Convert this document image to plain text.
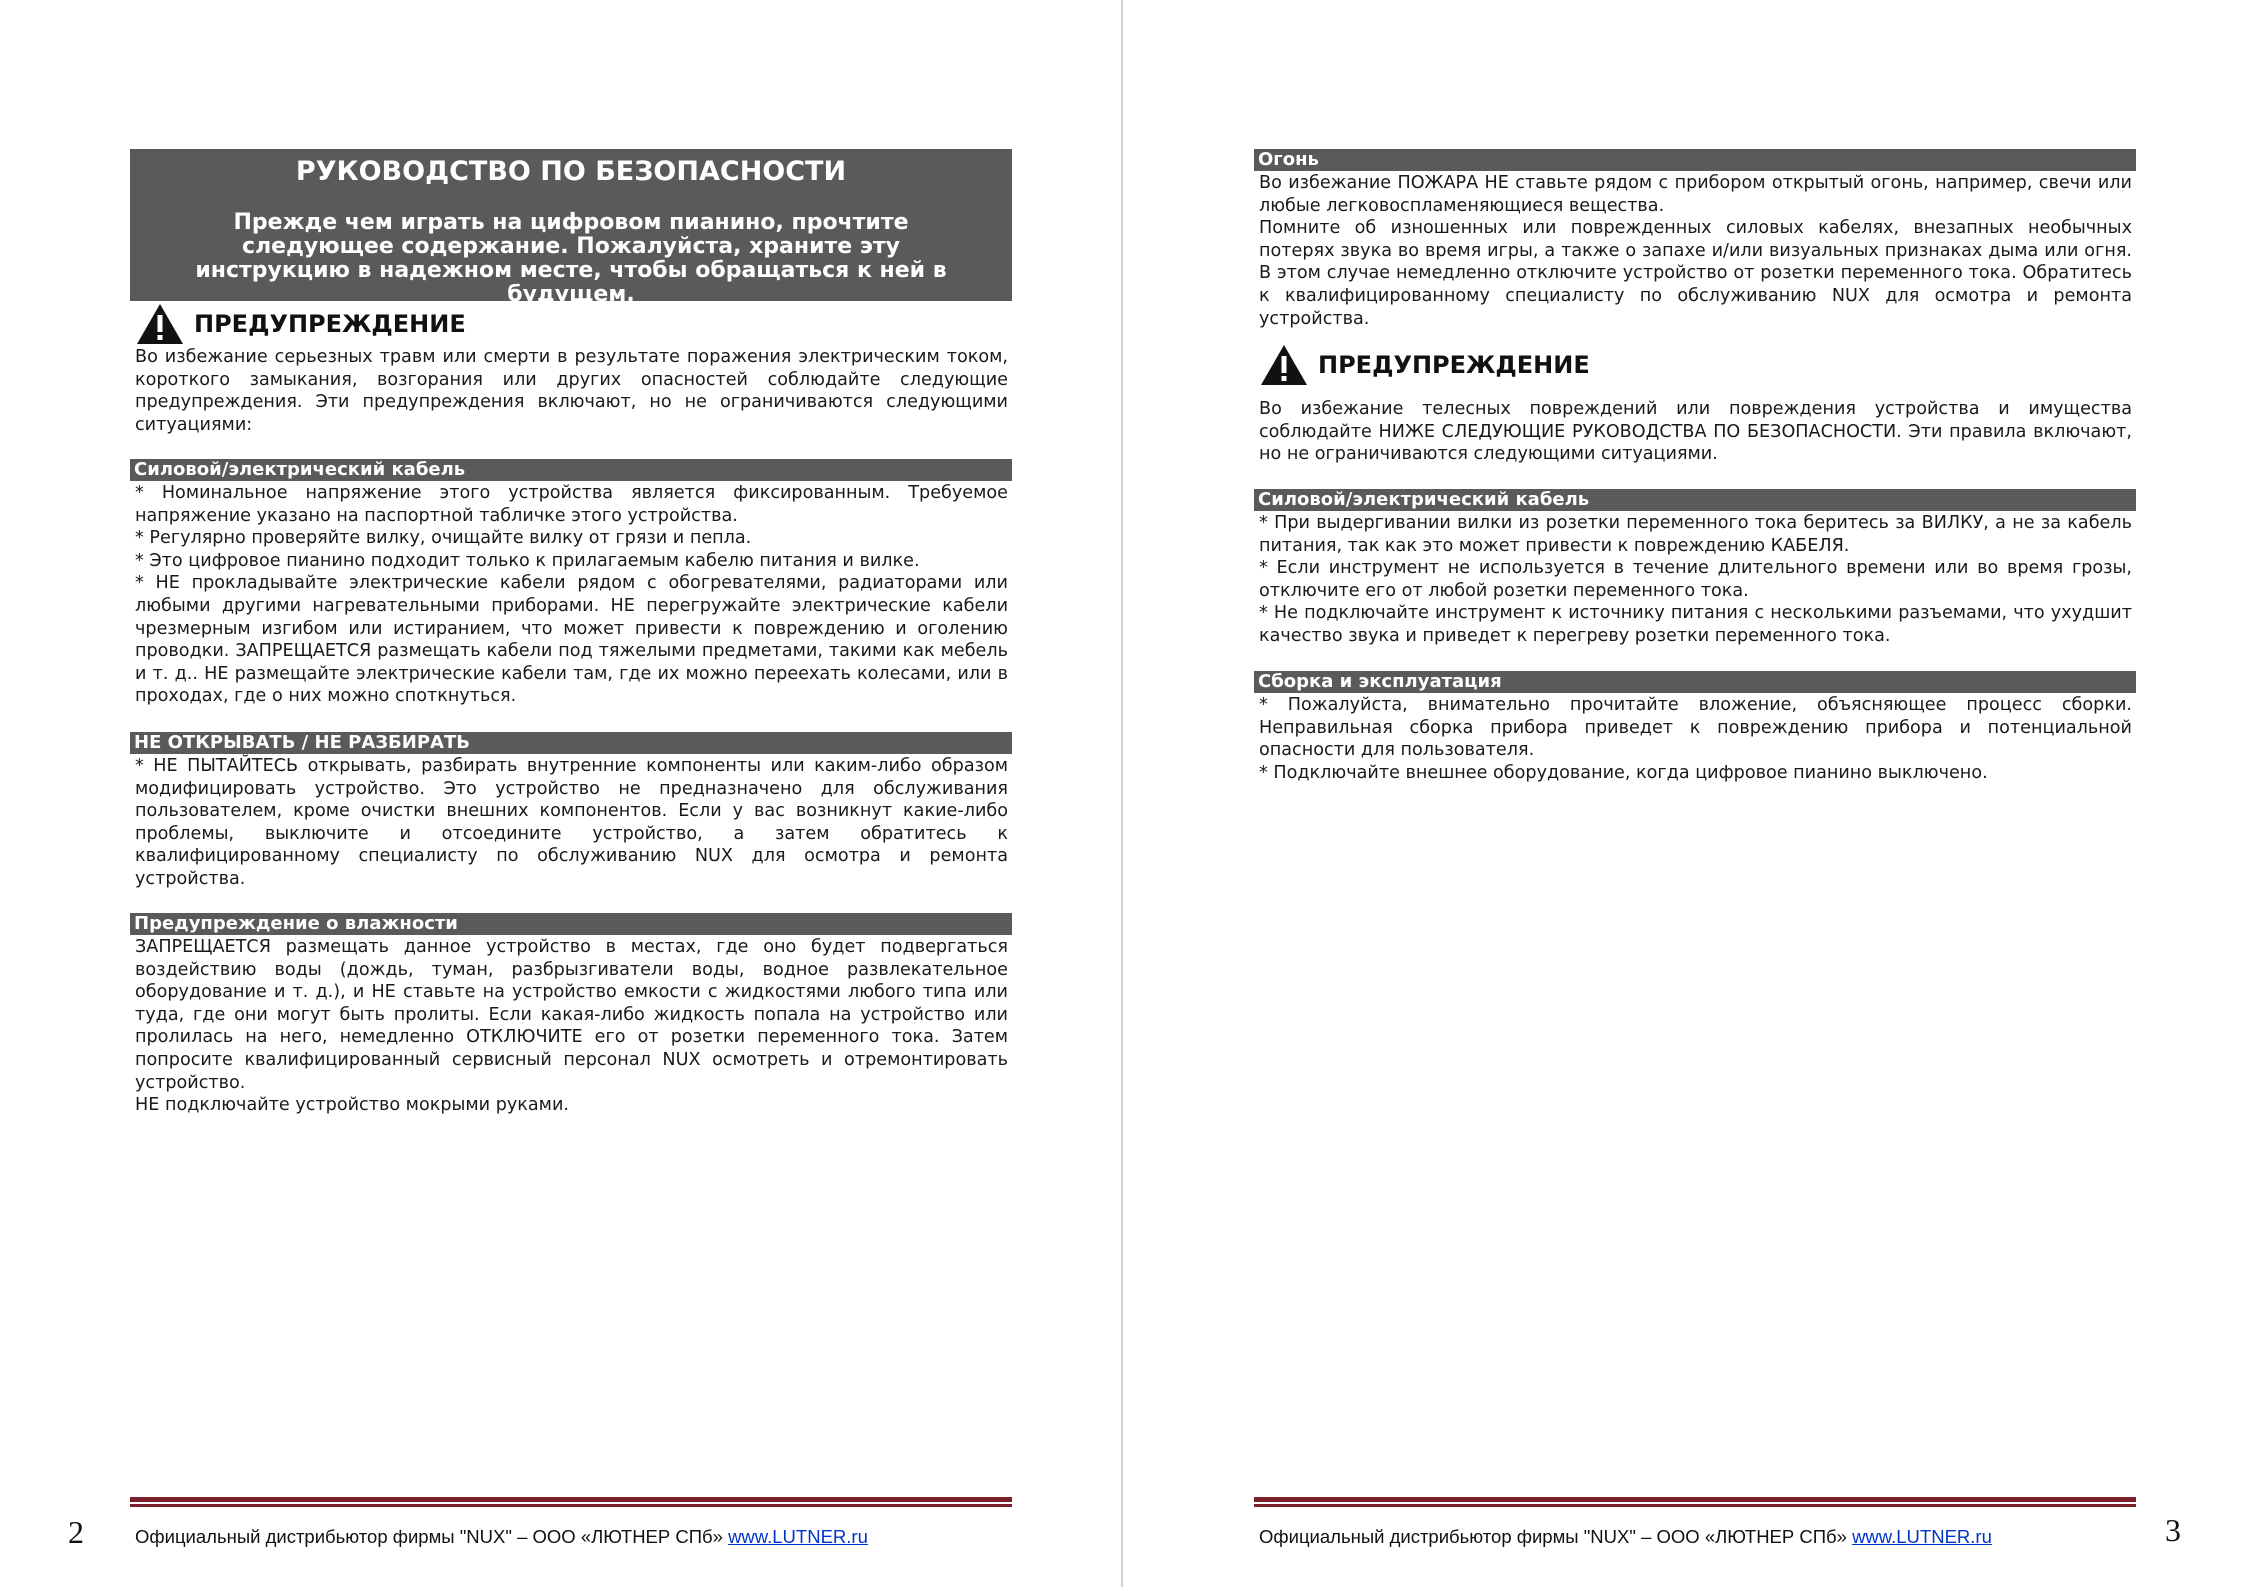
РУКОВОДСТВО ПО БЕЗОПАСНОСТИ
Прежде чем играть на цифровом пианино, прочтите следующее содержание. Пожалуйста, храните эту инструкцию в надежном месте, чтобы обращаться к ней в будущем.
ПРЕДУПРЕЖДЕНИЕ

Во избежание серьезных травм или смерти в результате поражения электрическим током, короткого замыкания, возгорания или других опасностей соблюдайте следующие предупреждения. Эти предупреждения включают, но не ограничиваются следующими ситуациями:

Силовой/электрический кабель

* Номинальное напряжение этого устройства является фиксированным. Требуемое напряжение указано на паспортной табличке этого устройства.

* Регулярно проверяйте вилку, очищайте вилку от грязи и пепла.

* Это цифровое пианино подходит только к прилагаемым кабелю питания и вилке.

* НЕ прокладывайте электрические кабели рядом с обогревателями, радиаторами или любыми другими нагревательными приборами. НЕ перегружайте электрические кабели чрезмерным изгибом или истиранием, что может привести к повреждению и оголению проводки. ЗАПРЕЩАЕТСЯ размещать кабели под тяжелыми предметами, такими как мебель и т. д.. НЕ размещайте электрические кабели там, где их можно переехать колесами, или в проходах, где о них можно споткнуться.

НЕ ОТКРЫВАТЬ / НЕ РАЗБИРАТЬ

* НЕ ПЫТАЙТЕСЬ открывать, разбирать внутренние компоненты или каким-либо образом модифицировать устройство. Это устройство не предназначено для обслуживания пользователем, кроме очистки внешних компонентов. Если у вас возникнут какие-либо проблемы, выключите и отсоедините устройство, а затем обратитесь к квалифицированному специалисту по обслуживанию NUX для осмотра и ремонта устройства.

Предупреждение о влажности

ЗАПРЕЩАЕТСЯ размещать данное устройство в местах, где оно будет подвергаться воздействию воды (дождь, туман, разбрызгиватели воды, водное развлекательное оборудование и т. д.), и НЕ ставьте на устройство емкости с жидкостями любого типа или туда, где они могут быть пролиты. Если какая-либо жидкость попала на устройство или пролилась на него, немедленно ОТКЛЮЧИТЕ его от розетки переменного тока. Затем попросите квалифицированный сервисный персонал NUX осмотреть и отремонтировать устройство.

НЕ подключайте устройство мокрыми руками.

Официальный дистрибьютор фирмы "NUX" – ООО «ЛЮТНЕР СПб» www.LUTNER.ru
2
Огонь

Во избежание ПОЖАРА НЕ ставьте рядом с прибором открытый огонь, например, свечи или любые легковоспламеняющиеся вещества.

Помните об изношенных или поврежденных силовых кабелях, внезапных необычных потерях звука во время игры, а также о запахе и/или визуальных признаках дыма или огня. В этом случае немедленно отключите устройство от розетки переменного тока. Обратитесь к квалифицированному специалисту по обслуживанию NUX для осмотра и ремонта устройства.

ПРЕДУПРЕЖДЕНИЕ

Во избежание телесных повреждений или повреждения устройства и имущества соблюдайте НИЖЕ СЛЕДУЮЩИЕ РУКОВОДСТВА ПО БЕЗОПАСНОСТИ. Эти правила включают, но не ограничиваются следующими ситуациями.

Силовой/электрический кабель

* При выдергивании вилки из розетки переменного тока беритесь за ВИЛКУ, а не за кабель питания, так как это может привести к повреждению КАБЕЛЯ.

* Если инструмент не используется в течение длительного времени или во время грозы, отключите его от любой розетки переменного тока.

* Не подключайте инструмент к источнику питания с несколькими разъемами, что ухудшит качество звука и приведет к перегреву розетки переменного тока.

Сборка и эксплуатация

* Пожалуйста, внимательно прочитайте вложение, объясняющее процесс сборки. Неправильная сборка прибора приведет к повреждению прибора и потенциальной опасности для пользователя.

* Подключайте внешнее оборудование, когда цифровое пианино выключено.

Официальный дистрибьютор фирмы "NUX" – ООО «ЛЮТНЕР СПб» www.LUTNER.ru	3
